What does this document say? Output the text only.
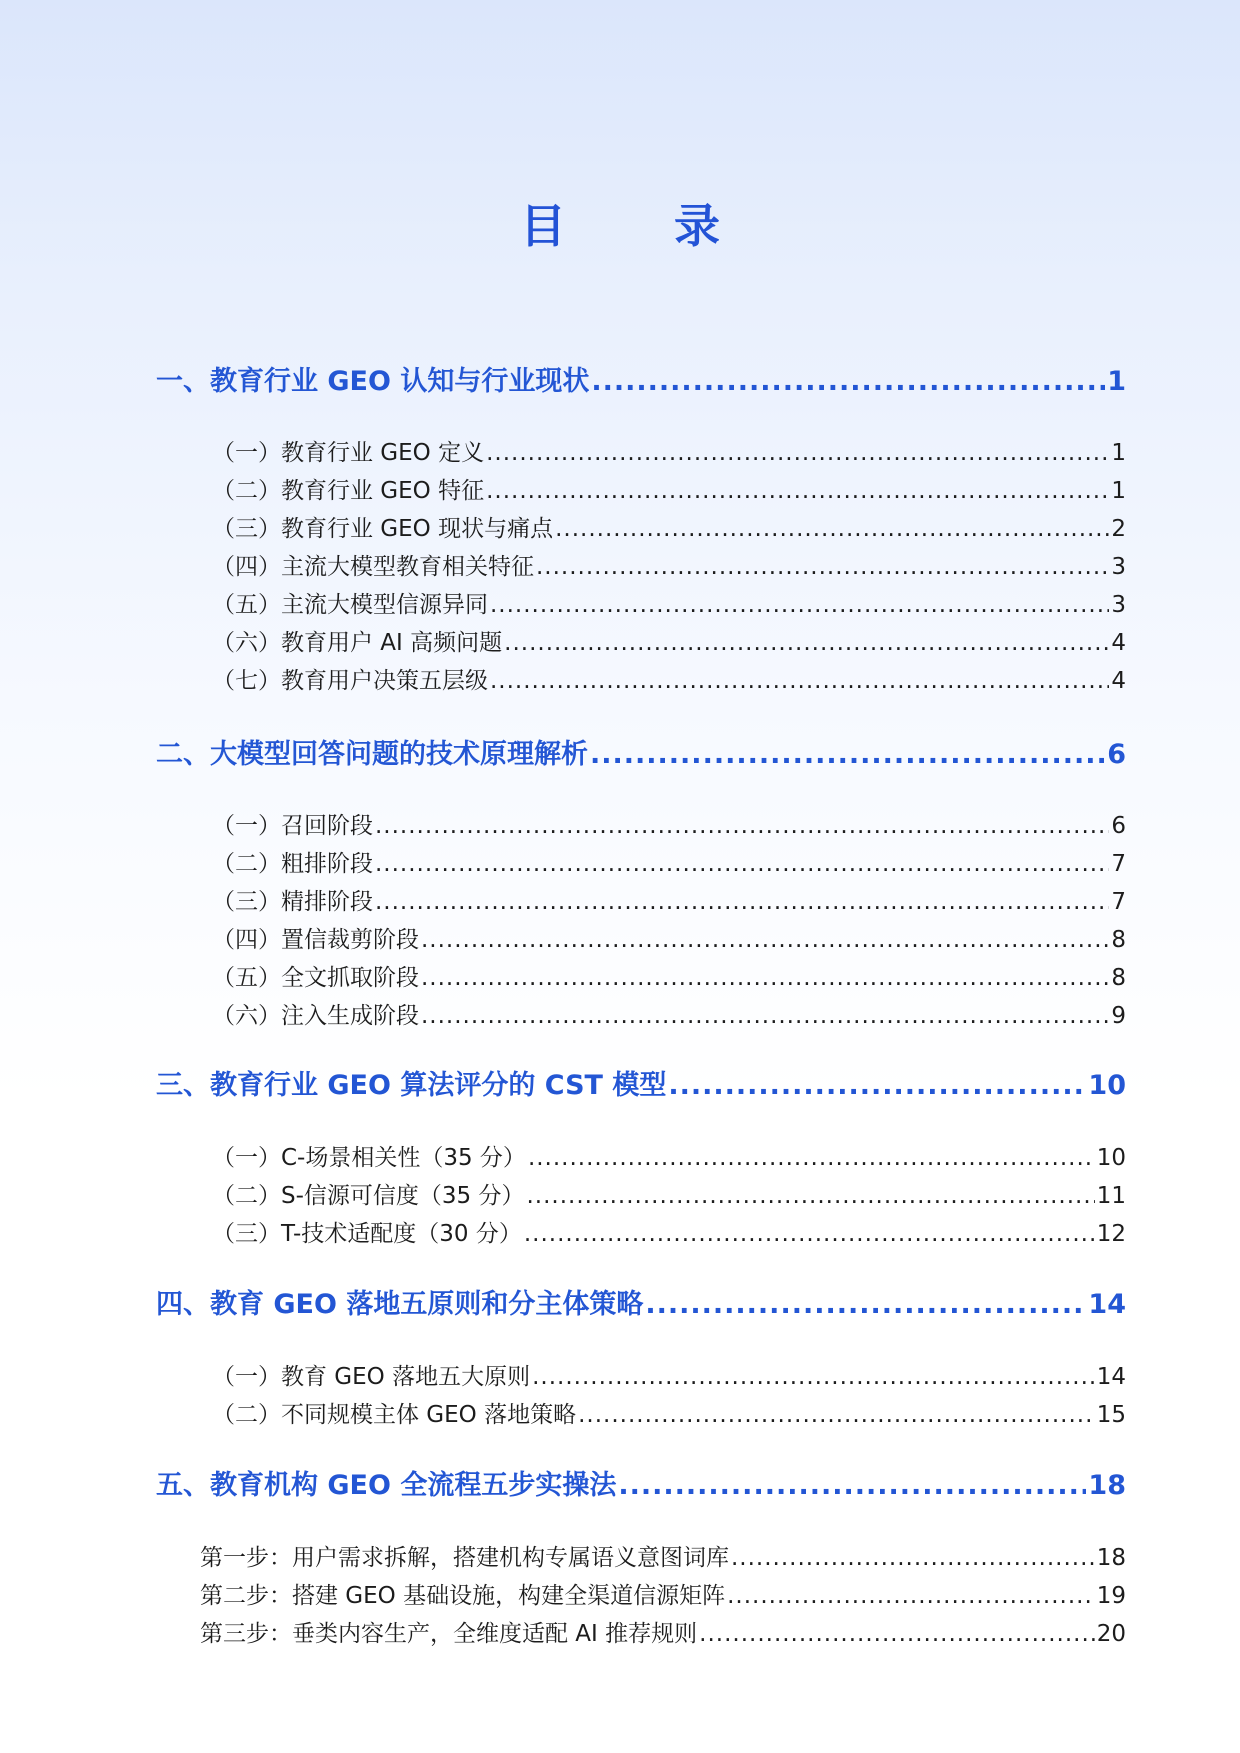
目 录
一、教育行业 GEO 认知与行业现状 .....	1
（一）教育行业 GEO 定义 .....	1
（二）教育行业 GEO 特征 .....	1
（三）教育行业 GEO 现状与痛点 .....	2
（四）主流大模型教育相关特征 .....	3
（五）主流大模型信源异同 .....	3
（六）教育用户 AI 高频问题 .....	4
（七）教育用户决策五层级 .....	4
二、大模型回答问题的技术原理解析 .....	6
（一）召回阶段 .....	6
（二）粗排阶段 .....	7
（三）精排阶段 .....	7
（四）置信裁剪阶段 .....	8
（五）全文抓取阶段 .....	8
（六）注入生成阶段 .....	9
三、教育行业 GEO 算法评分的 CST 模型 .....	10
（一）C-场景相关性（35 分） .....	10
（二）S-信源可信度（35 分） .....	11
（三）T-技术适配度（30 分） .....	12
四、教育 GEO 落地五原则和分主体策略 .....	14
（一）教育 GEO 落地五大原则 .....	14
（二）不同规模主体 GEO 落地策略 .....	15
五、教育机构 GEO 全流程五步实操法 .....	18
第一步：用户需求拆解，搭建机构专属语义意图词库 .....	18
第二步：搭建 GEO 基础设施，构建全渠道信源矩阵 .....	19
第三步：垂类内容生产，全维度适配 AI 推荐规则 .....	20
